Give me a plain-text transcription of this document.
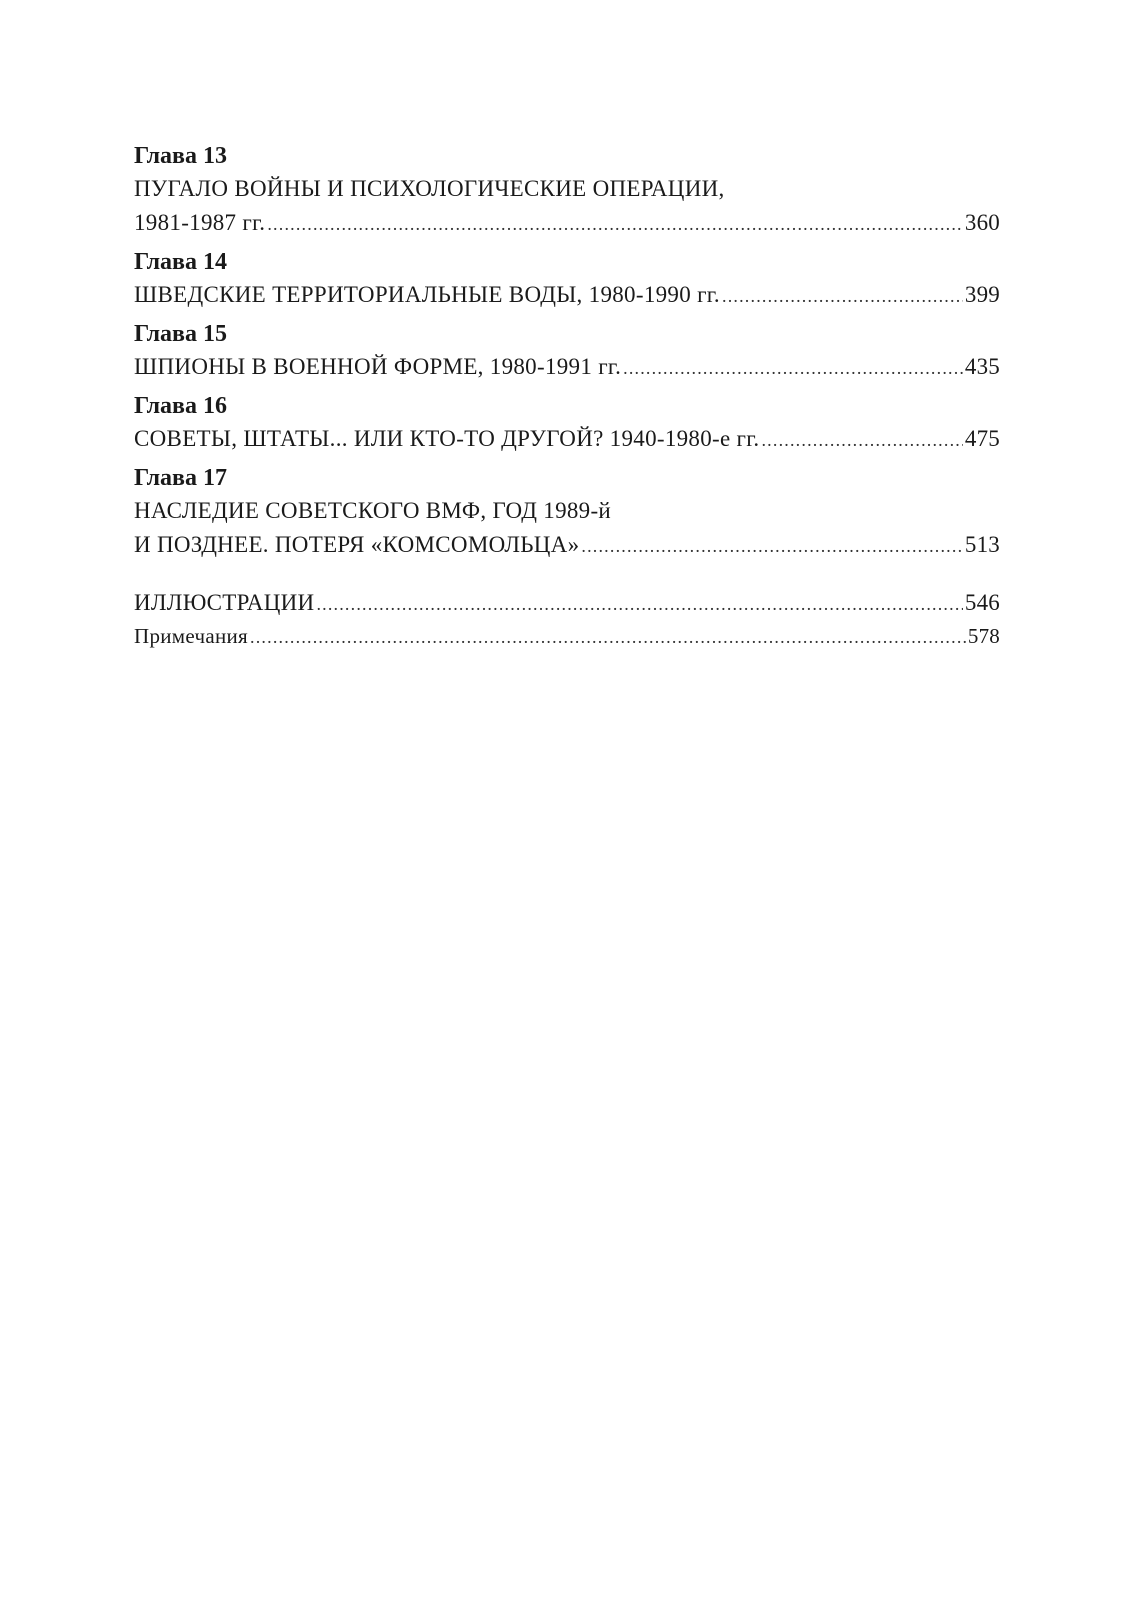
Глава 13
ПУГАЛО ВОЙНЫ И ПСИХОЛОГИЧЕСКИЕ ОПЕРАЦИИ,
1981-1987 гг. .....	360
Глава 14
ШВЕДСКИЕ ТЕРРИТОРИАЛЬНЫЕ ВОДЫ, 1980-1990 гг. .....	399
Глава 15
ШПИОНЫ В ВОЕННОЙ ФОРМЕ, 1980-1991 гг. .....	435
Глава 16
СОВЕТЫ, ШТАТЫ... ИЛИ КТО-ТО ДРУГОЙ? 1940-1980-е гг. .....	475
Глава 17
НАСЛЕДИЕ СОВЕТСКОГО ВМФ, ГОД 1989-й
И ПОЗДНЕЕ. ПОТЕРЯ «КОМСОМОЛЬЦА» .....	513
ИЛЛЮСТРАЦИИ .....	546
Примечания .....	578
